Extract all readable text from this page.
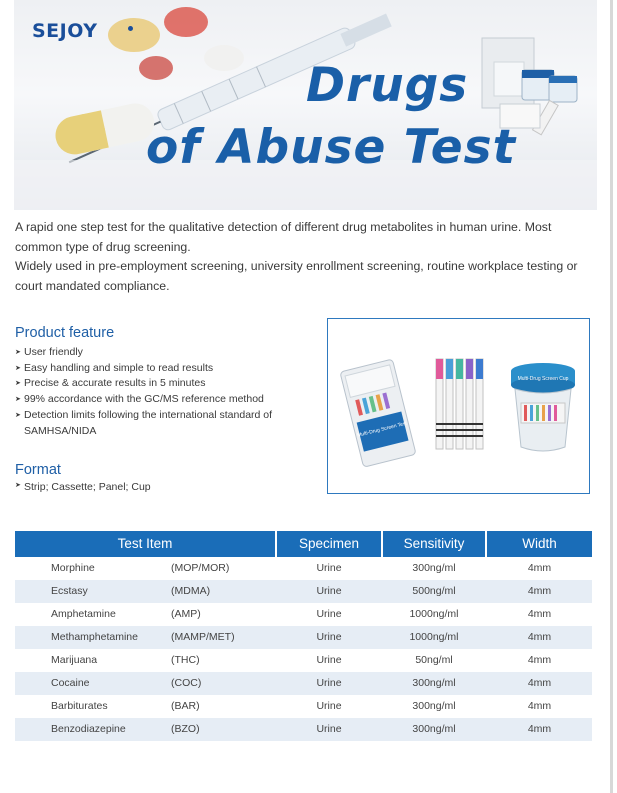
SEJOY
Drugs
of Abuse Test

A rapid one step test for the qualitative detection of different drug metabolites in human urine. Most common type of drug screening.

Widely used in pre-employment screening, university enrollment screening, routine workplace testing or court mandated compliance.

Product feature
➤ User friendly
➤ Easy handling and simple to read results
➤ Precise & accurate results in 5 minutes
➤ 99% accordance with the GC/MS reference method
➤ Detection limits following the international standard of SAMHSA/NIDA
Format
➤ Strip; Cassette; Panel; Cup
Multi-Drug Screen Test
Multi-Drug Screen Cup
Test Item	Specimen	Sensitivity	Width
Morphine	(MOP/MOR)	Urine	300ng/ml	4mm
Ecstasy	(MDMA)	Urine	500ng/ml	4mm
Amphetamine	(AMP)	Urine	1000ng/ml	4mm
Methamphetamine	(MAMP/MET)	Urine	1000ng/ml	4mm
Marijuana	(THC)	Urine	50ng/ml	4mm
Cocaine	(COC)	Urine	300ng/ml	4mm
Barbiturates	(BAR)	Urine	300ng/ml	4mm
Benzodiazepine	(BZO)	Urine	300ng/ml	4mm
